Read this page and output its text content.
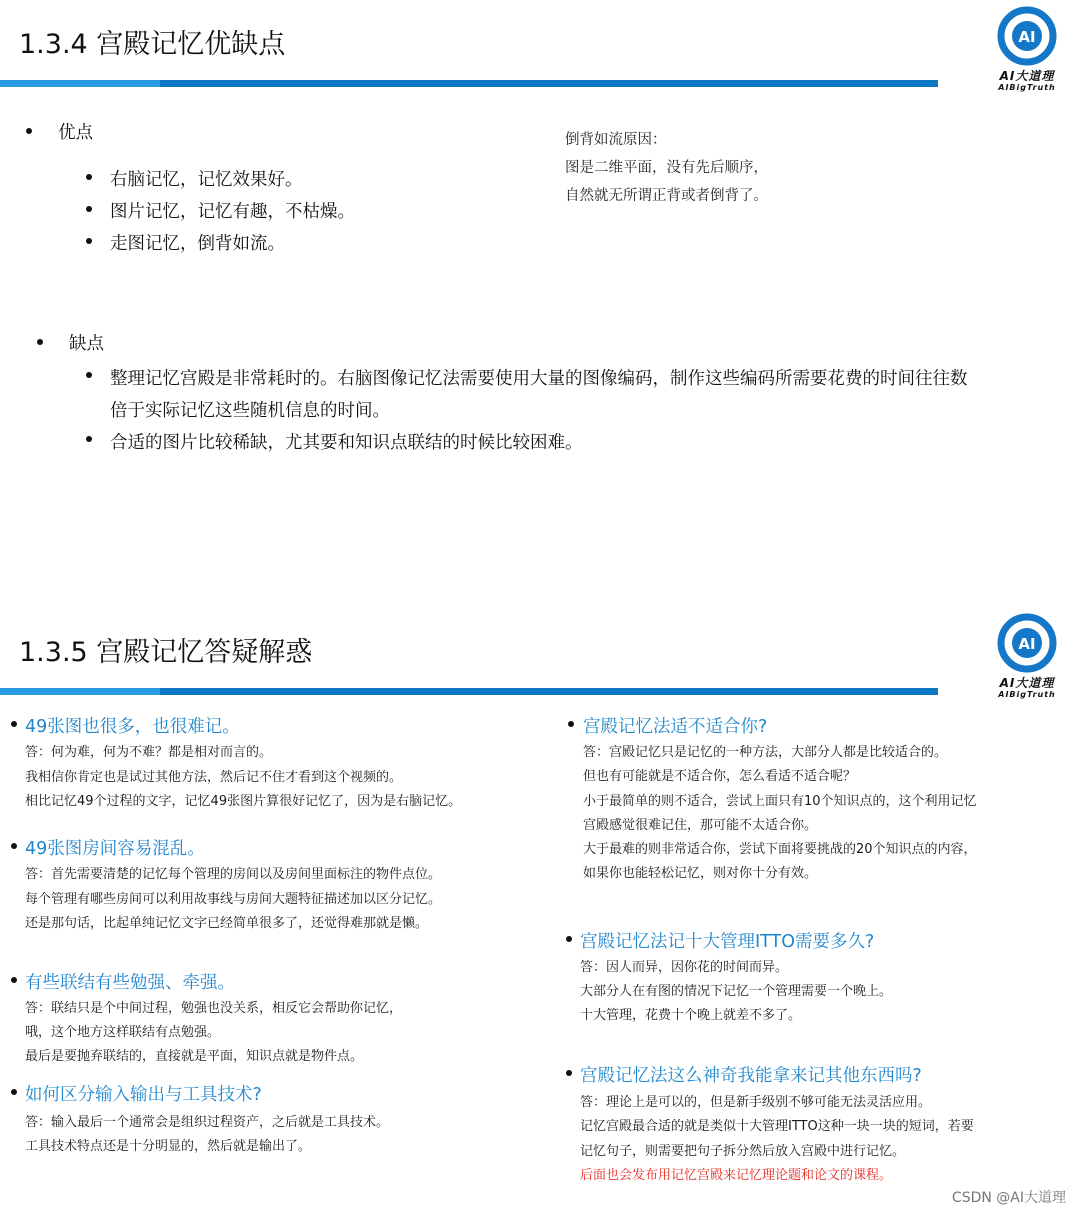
1.3.4 宫殿记忆优缺点	AI
AI大道理
AIBigTruth
优点
右脑记忆，记忆效果好。
图片记忆，记忆有趣，不枯燥。
走图记忆，倒背如流。
倒背如流原因：
图是二维平面，没有先后顺序，
自然就无所谓正背或者倒背了。
缺点
整理记忆宫殿是非常耗时的。右脑图像记忆法需要使用大量的图像编码，制作这些编码所需要花费的时间往往数
倍于实际记忆这些随机信息的时间。
合适的图片比较稀缺，尤其要和知识点联结的时候比较困难。
1.3.5 宫殿记忆答疑解惑	AI
AI大道理
AIBigTruth
49张图也很多，也很难记。
答：何为难，何为不难？都是相对而言的。
我相信你肯定也是试过其他方法，然后记不住才看到这个视频的。
相比记忆49个过程的文字，记忆49张图片算很好记忆了，因为是右脑记忆。
49张图房间容易混乱。
答：首先需要清楚的记忆每个管理的房间以及房间里面标注的物件点位。
每个管理有哪些房间可以利用故事线与房间大题特征描述加以区分记忆。
还是那句话，比起单纯记忆文字已经简单很多了，还觉得难那就是懒。
有些联结有些勉强、牵强。
答：联结只是个中间过程，勉强也没关系，相反它会帮助你记忆，
哦，这个地方这样联结有点勉强。
最后是要抛弃联结的，直接就是平面，知识点就是物件点。
如何区分输入输出与工具技术?
答：输入最后一个通常会是组织过程资产，之后就是工具技术。
工具技术特点还是十分明显的，然后就是输出了。
宫殿记忆法适不适合你?
答：宫殿记忆只是记忆的一种方法，大部分人都是比较适合的。
但也有可能就是不适合你，怎么看适不适合呢？
小于最简单的则不适合，尝试上面只有10个知识点的，这个利用记忆
宫殿感觉很难记住，那可能不太适合你。
大于最难的则非常适合你，尝试下面将要挑战的20个知识点的内容，
如果你也能轻松记忆，则对你十分有效。
宫殿记忆法记十大管理ITTO需要多久?
答：因人而异，因你花的时间而异。
大部分人在有图的情况下记忆一个管理需要一个晚上。
十大管理，花费十个晚上就差不多了。
宫殿记忆法这么神奇我能拿来记其他东西吗?
答：理论上是可以的，但是新手级别不够可能无法灵活应用。
记忆宫殿最合适的就是类似十大管理ITTO这种一块一块的短词，若要
记忆句子，则需要把句子拆分然后放入宫殿中进行记忆。
后面也会发布用记忆宫殿来记忆理论题和论文的课程。
CSDN @AI大道理
